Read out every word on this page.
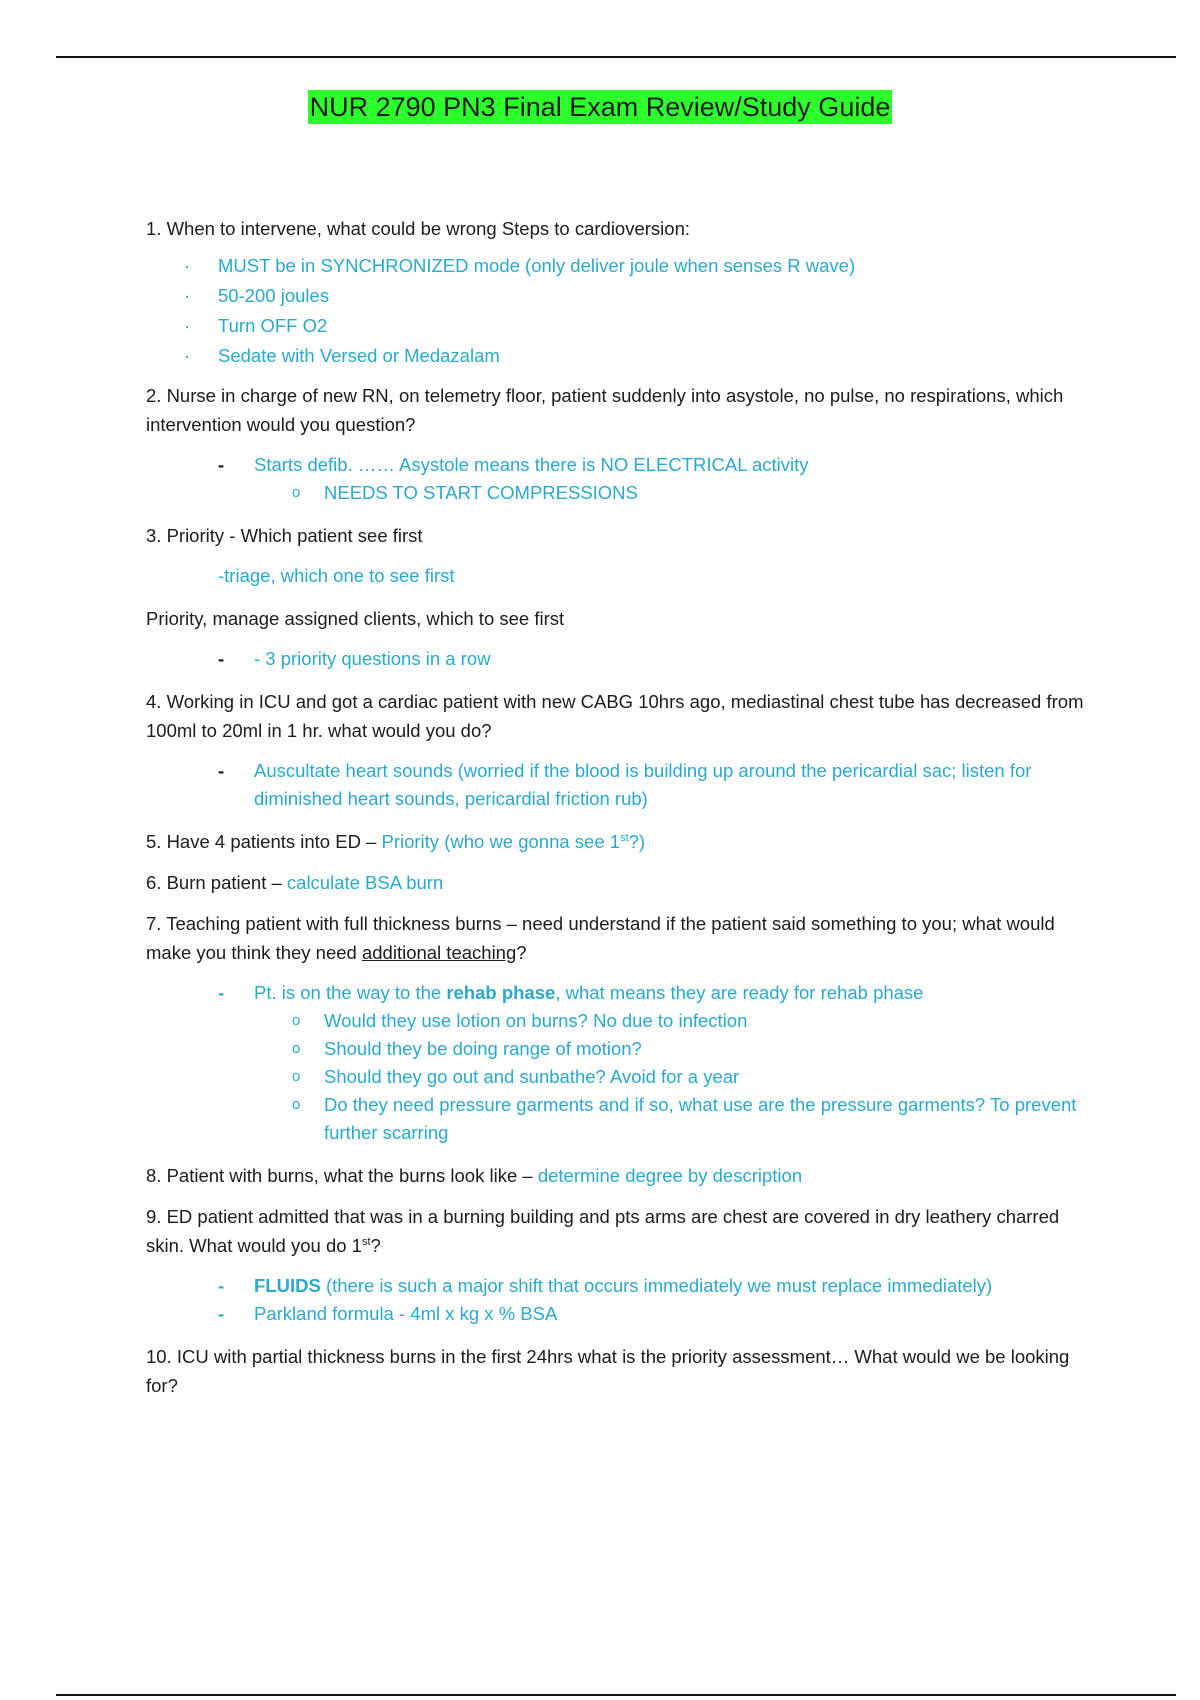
NUR 2790 PN3 Final Exam Review/Study Guide

1. When to intervene, what could be wrong Steps to cardioversion:

· MUST be in SYNCHRONIZED mode (only deliver joule when senses R wave)
· 50-200 joules
· Turn OFF O2
· Sedate with Versed or Medazalam

2. Nurse in charge of new RN, on telemetry floor, patient suddenly into asystole, no pulse, no respirations, which intervention would you question?

- Starts defib. …… Asystole means there is NO ELECTRICAL activity
o NEEDS TO START COMPRESSIONS

3. Priority - Which patient see first

-triage, which one to see first

Priority, manage assigned clients, which to see first

- - 3 priority questions in a row

4. Working in ICU and got a cardiac patient with new CABG 10hrs ago, mediastinal chest tube has decreased from 100ml to 20ml in 1 hr. what would you do?

- Auscultate heart sounds (worried if the blood is building up around the pericardial sac; listen for diminished heart sounds, pericardial friction rub)

5. Have 4 patients into ED – Priority (who we gonna see 1st?)

6. Burn patient – calculate BSA burn

7. Teaching patient with full thickness burns – need understand if the patient said something to you; what would make you think they need additional teaching?

- Pt. is on the way to the rehab phase, what means they are ready for rehab phase
o Would they use lotion on burns? No due to infection
o Should they be doing range of motion?
o Should they go out and sunbathe? Avoid for a year
o Do they need pressure garments and if so, what use are the pressure garments? To prevent further scarring

8. Patient with burns, what the burns look like – determine degree by description

9. ED patient admitted that was in a burning building and pts arms are chest are covered in dry leathery charred skin. What would you do 1st?

- FLUIDS (there is such a major shift that occurs immediately we must replace immediately)
- Parkland formula - 4ml x kg x % BSA

10. ICU with partial thickness burns in the first 24hrs what is the priority assessment… What would we be looking for?
